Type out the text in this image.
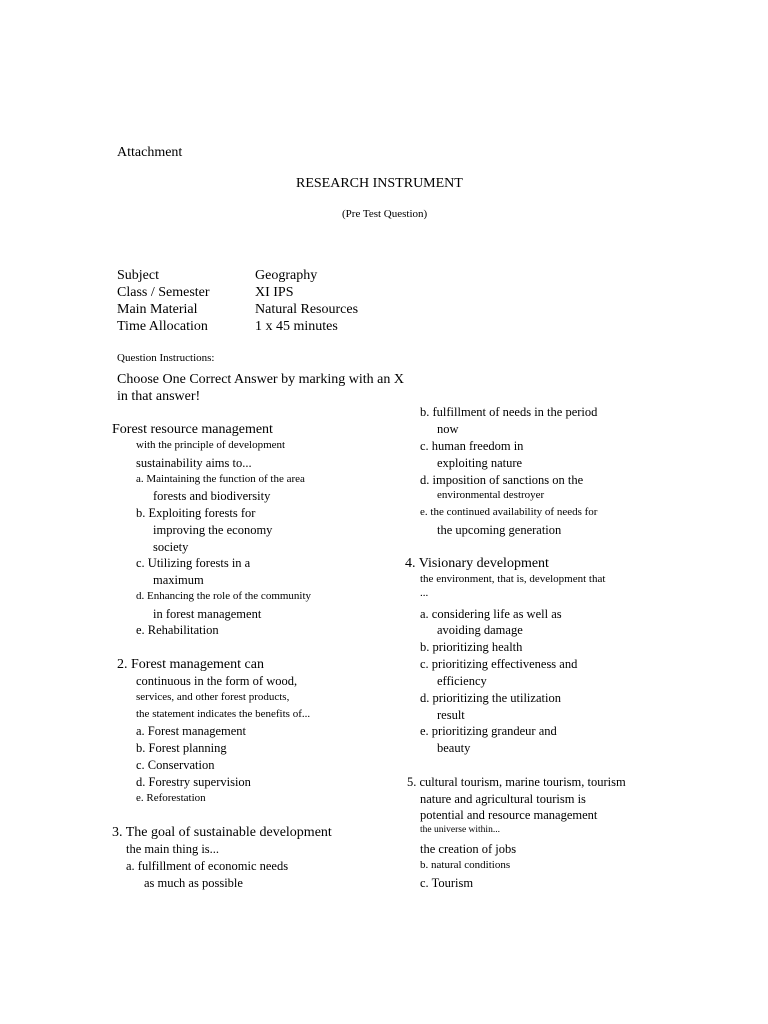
Attachment
RESEARCH INSTRUMENT
(Pre Test Question)
Subject	Geography
Class / Semester	XI IPS
Main Material	Natural Resources
Time Allocation	1 x 45 minutes
Question Instructions:
Choose One Correct Answer by marking with an X
in that answer!
Forest resource management
with the principle of development
sustainability aims to...
a. Maintaining the function of the area
forests and biodiversity
b. Exploiting forests for
improving the economy
society
c. Utilizing forests in a
maximum
d. Enhancing the role of the community
in forest management
e. Rehabilitation
2. Forest management can
continuous in the form of wood,
services, and other forest products,
the statement indicates the benefits of...
a. Forest management
b. Forest planning
c. Conservation
d. Forestry supervision
e. Reforestation
3. The goal of sustainable development
the main thing is...
a. fulfillment of economic needs
as much as possible
b. fulfillment of needs in the period
now
c. human freedom in
exploiting nature
d. imposition of sanctions on the
environmental destroyer
e. the continued availability of needs for
the upcoming generation
4. Visionary development
the environment, that is, development that
...
a. considering life as well as
avoiding damage
b. prioritizing health
c. prioritizing effectiveness and
efficiency
d. prioritizing the utilization
result
e. prioritizing grandeur and
beauty
5. cultural tourism, marine tourism, tourism
nature and agricultural tourism is
potential and resource management
the universe within...
the creation of jobs
b. natural conditions
c. Tourism
